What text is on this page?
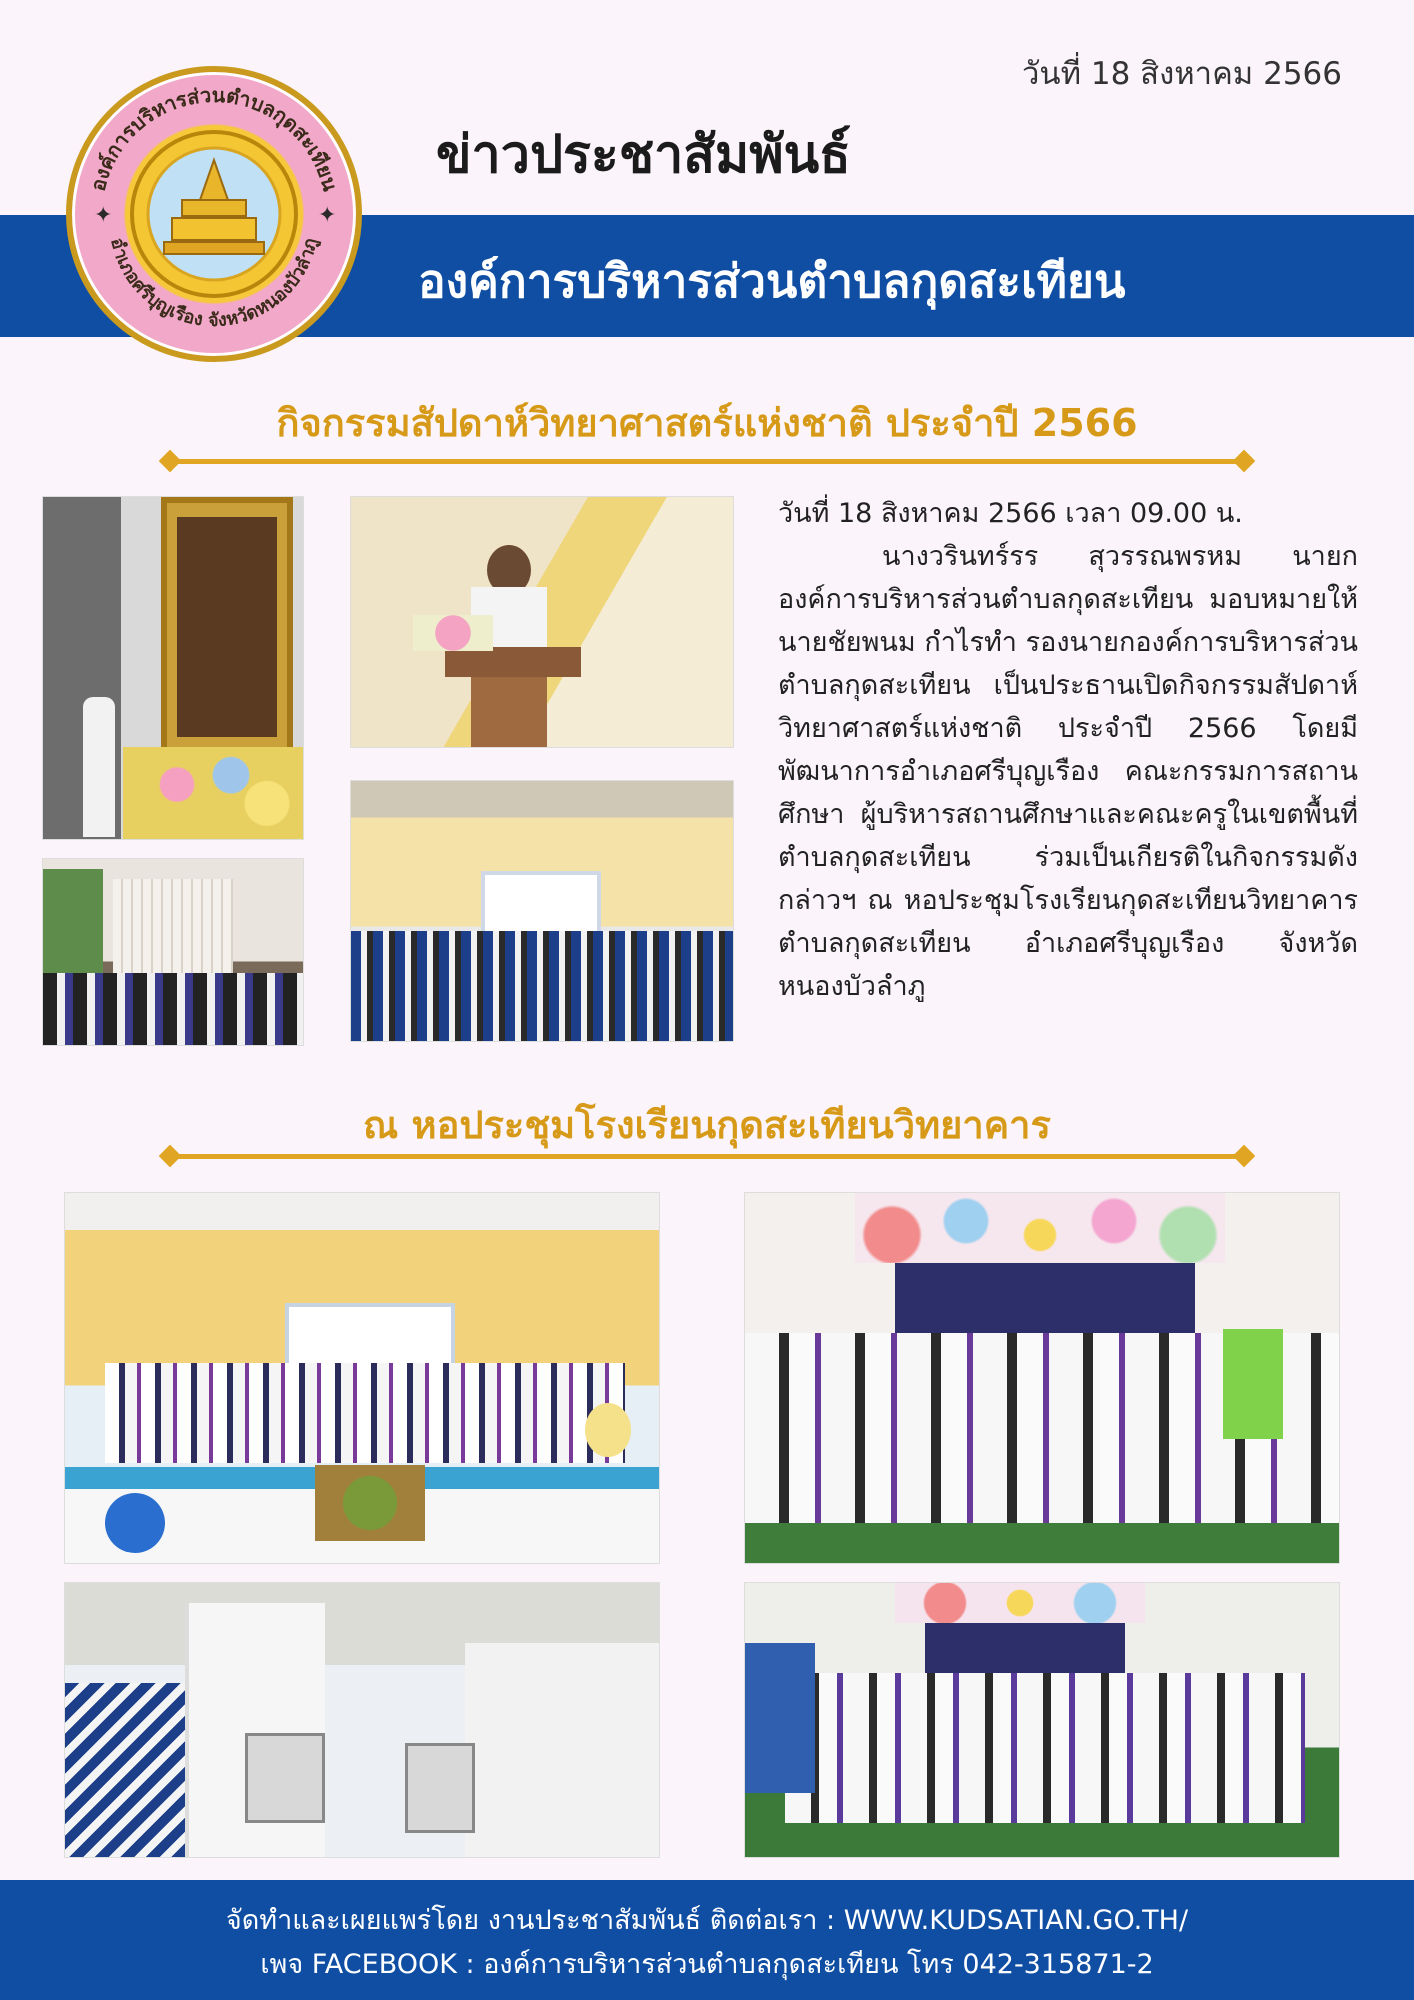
วันที่ 18 สิงหาคม 2566
ข่าวประชาสัมพันธ์
องค์การบริหารส่วนตำบลกุดสะเทียน
องค์การบริหารส่วนตำบลกุดสะเทียน
อำเภอศรีบุญเรือง จังหวัดหนองบัวลำภู
✦	✦
กิจกรรมสัปดาห์วิทยาศาสตร์แห่งชาติ ประจำปี 2566
วันที่ 18 สิงหาคม 2566 เวลา 09.00 น.
นางวรินทร์รร สุวรรณพรหม นายกองค์การบริหารส่วนตำบลกุดสะเทียน มอบหมายให้ นายชัยพนม กำไรทำ รองนายกองค์การบริหารส่วนตำบลกุดสะเทียน เป็นประธานเปิดกิจกรรมสัปดาห์วิทยาศาสตร์แห่งชาติ ประจำปี 2566 โดยมี พัฒนาการอำเภอศรีบุญเรือง คณะกรรมการสถานศึกษา ผู้บริหารสถานศึกษาและคณะครูในเขตพื้นที่ ตำบลกุดสะเทียน ร่วมเป็นเกียรติในกิจกรรมดังกล่าวฯ ณ หอประชุมโรงเรียนกุดสะเทียนวิทยาคาร ตำบลกุดสะเทียน อำเภอศรีบุญเรือง จังหวัดหนองบัวลำภู
ณ หอประชุมโรงเรียนกุดสะเทียนวิทยาคาร
จัดทำและเผยแพร่โดย งานประชาสัมพันธ์ ติดต่อเรา : WWW.KUDSATIAN.GO.TH/
เพจ FACEBOOK : องค์การบริหารส่วนตำบลกุดสะเทียน โทร 042-315871-2
